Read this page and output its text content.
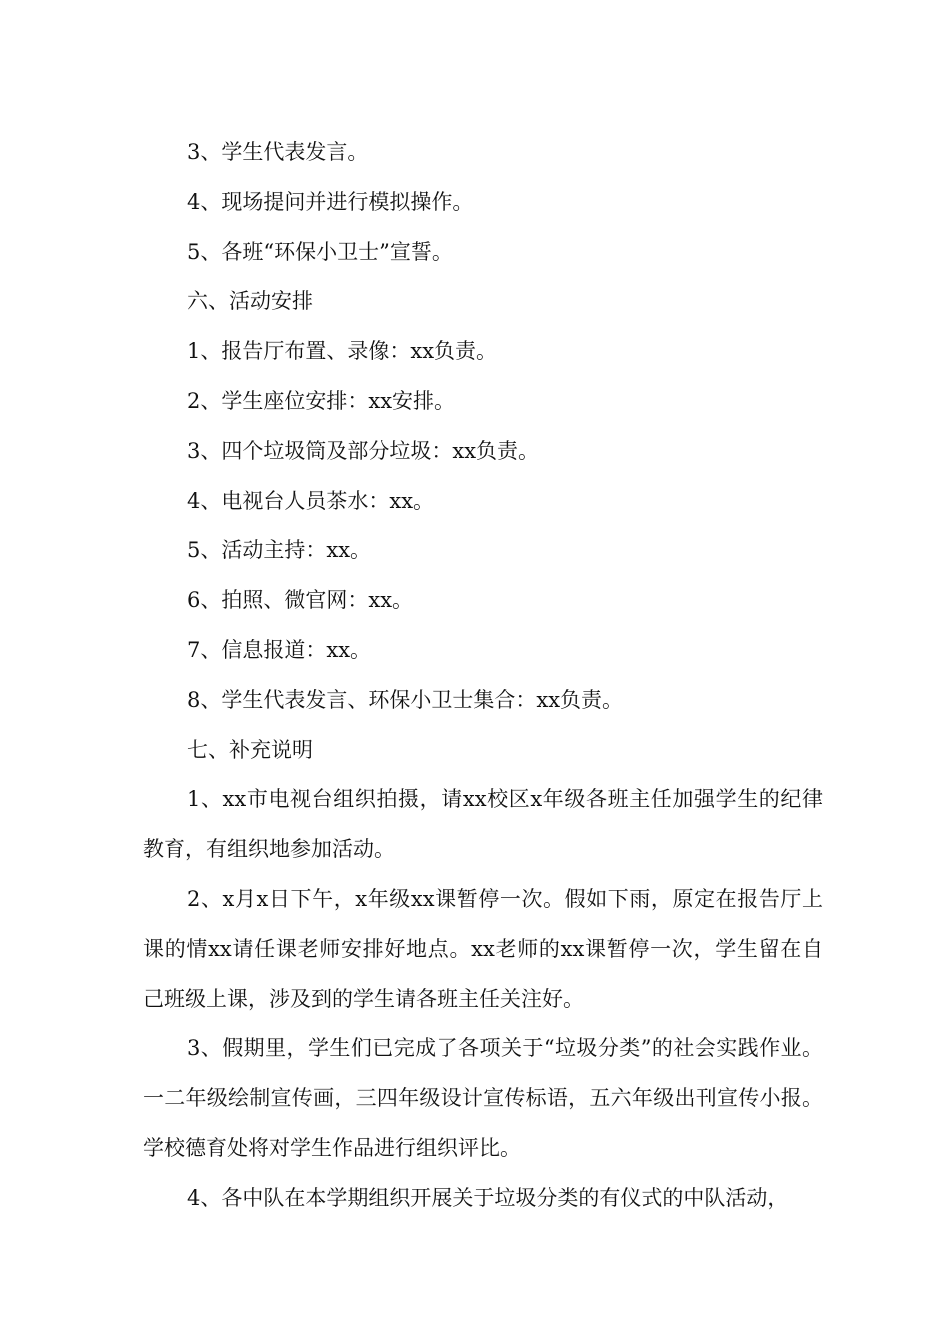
3、学生代表发言。

4、现场提问并进行模拟操作。

5、各班“环保小卫士”宣誓。

六、活动安排

1、报告厅布置、录像：xx负责。

2、学生座位安排：xx安排。

3、四个垃圾筒及部分垃圾：xx负责。

4、电视台人员茶水：xx。

5、活动主持：xx。

6、拍照、微官网：xx。

7、信息报道：xx。

8、学生代表发言、环保小卫士集合：xx负责。

七、补充说明

1、xx市电视台组织拍摄，请xx校区x年级各班主任加强学生的纪律教育，有组织地参加活动。

2、x月x日下午，x年级xx课暂停一次。假如下雨，原定在报告厅上课的情xx请任课老师安排好地点。xx老师的xx课暂停一次，学生留在自己班级上课，涉及到的学生请各班主任关注好。

3、假期里，学生们已完成了各项关于“垃圾分类”的社会实践作业。一二年级绘制宣传画，三四年级设计宣传标语，五六年级出刊宣传小报。学校德育处将对学生作品进行组织评比。

4、各中队在本学期组织开展关于垃圾分类的有仪式的中队活动，
